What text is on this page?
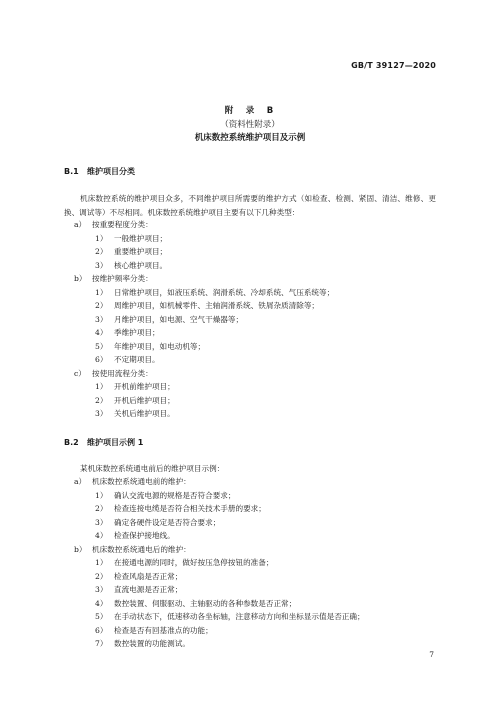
GB/T 39127—2020
附　录　B
（资料性附录）
机床数控系统维护项目及示例
B.1 维护项目分类
机床数控系统的维护项目众多，不同维护项目所需要的维护方式（如检查、检测、紧固、清洁、维修、更换、调试等）不尽相同。机床数控系统维护项目主要有以下几种类型：
a） 按重要程度分类：
1） 一般维护项目；
2） 重要维护项目；
3） 核心维护项目。
b） 按维护频率分类：
1） 日常维护项目，如液压系统、润滑系统、冷却系统、气压系统等；
2） 周维护项目，如机械零件、主轴润滑系统、铁屑杂质清除等；
3） 月维护项目，如电源、空气干燥器等；
4） 季维护项目；
5） 年维护项目，如电动机等；
6） 不定期项目。
c） 按使用流程分类：
1） 开机前维护项目；
2） 开机后维护项目；
3） 关机后维护项目。
B.2 维护项目示例 1
某机床数控系统通电前后的维护项目示例：
a） 机床数控系统通电前的维护：
1） 确认交流电源的规格是否符合要求；
2） 检查连接电缆是否符合相关技术手册的要求；
3） 确定各硬件设定是否符合要求；
4） 检查保护接地线。
b） 机床数控系统通电后的维护：
1） 在接通电源的同时，做好按压急停按钮的准备；
2） 检查风扇是否正常；
3） 直流电源是否正常；
4） 数控装置、伺服驱动、主轴驱动的各种参数是否正常；
5） 在手动状态下，低速移动各坐标轴，注意移动方向和坐标显示值是否正确；
6） 检查是否有回基准点的功能；
7） 数控装置的功能测试。
7
